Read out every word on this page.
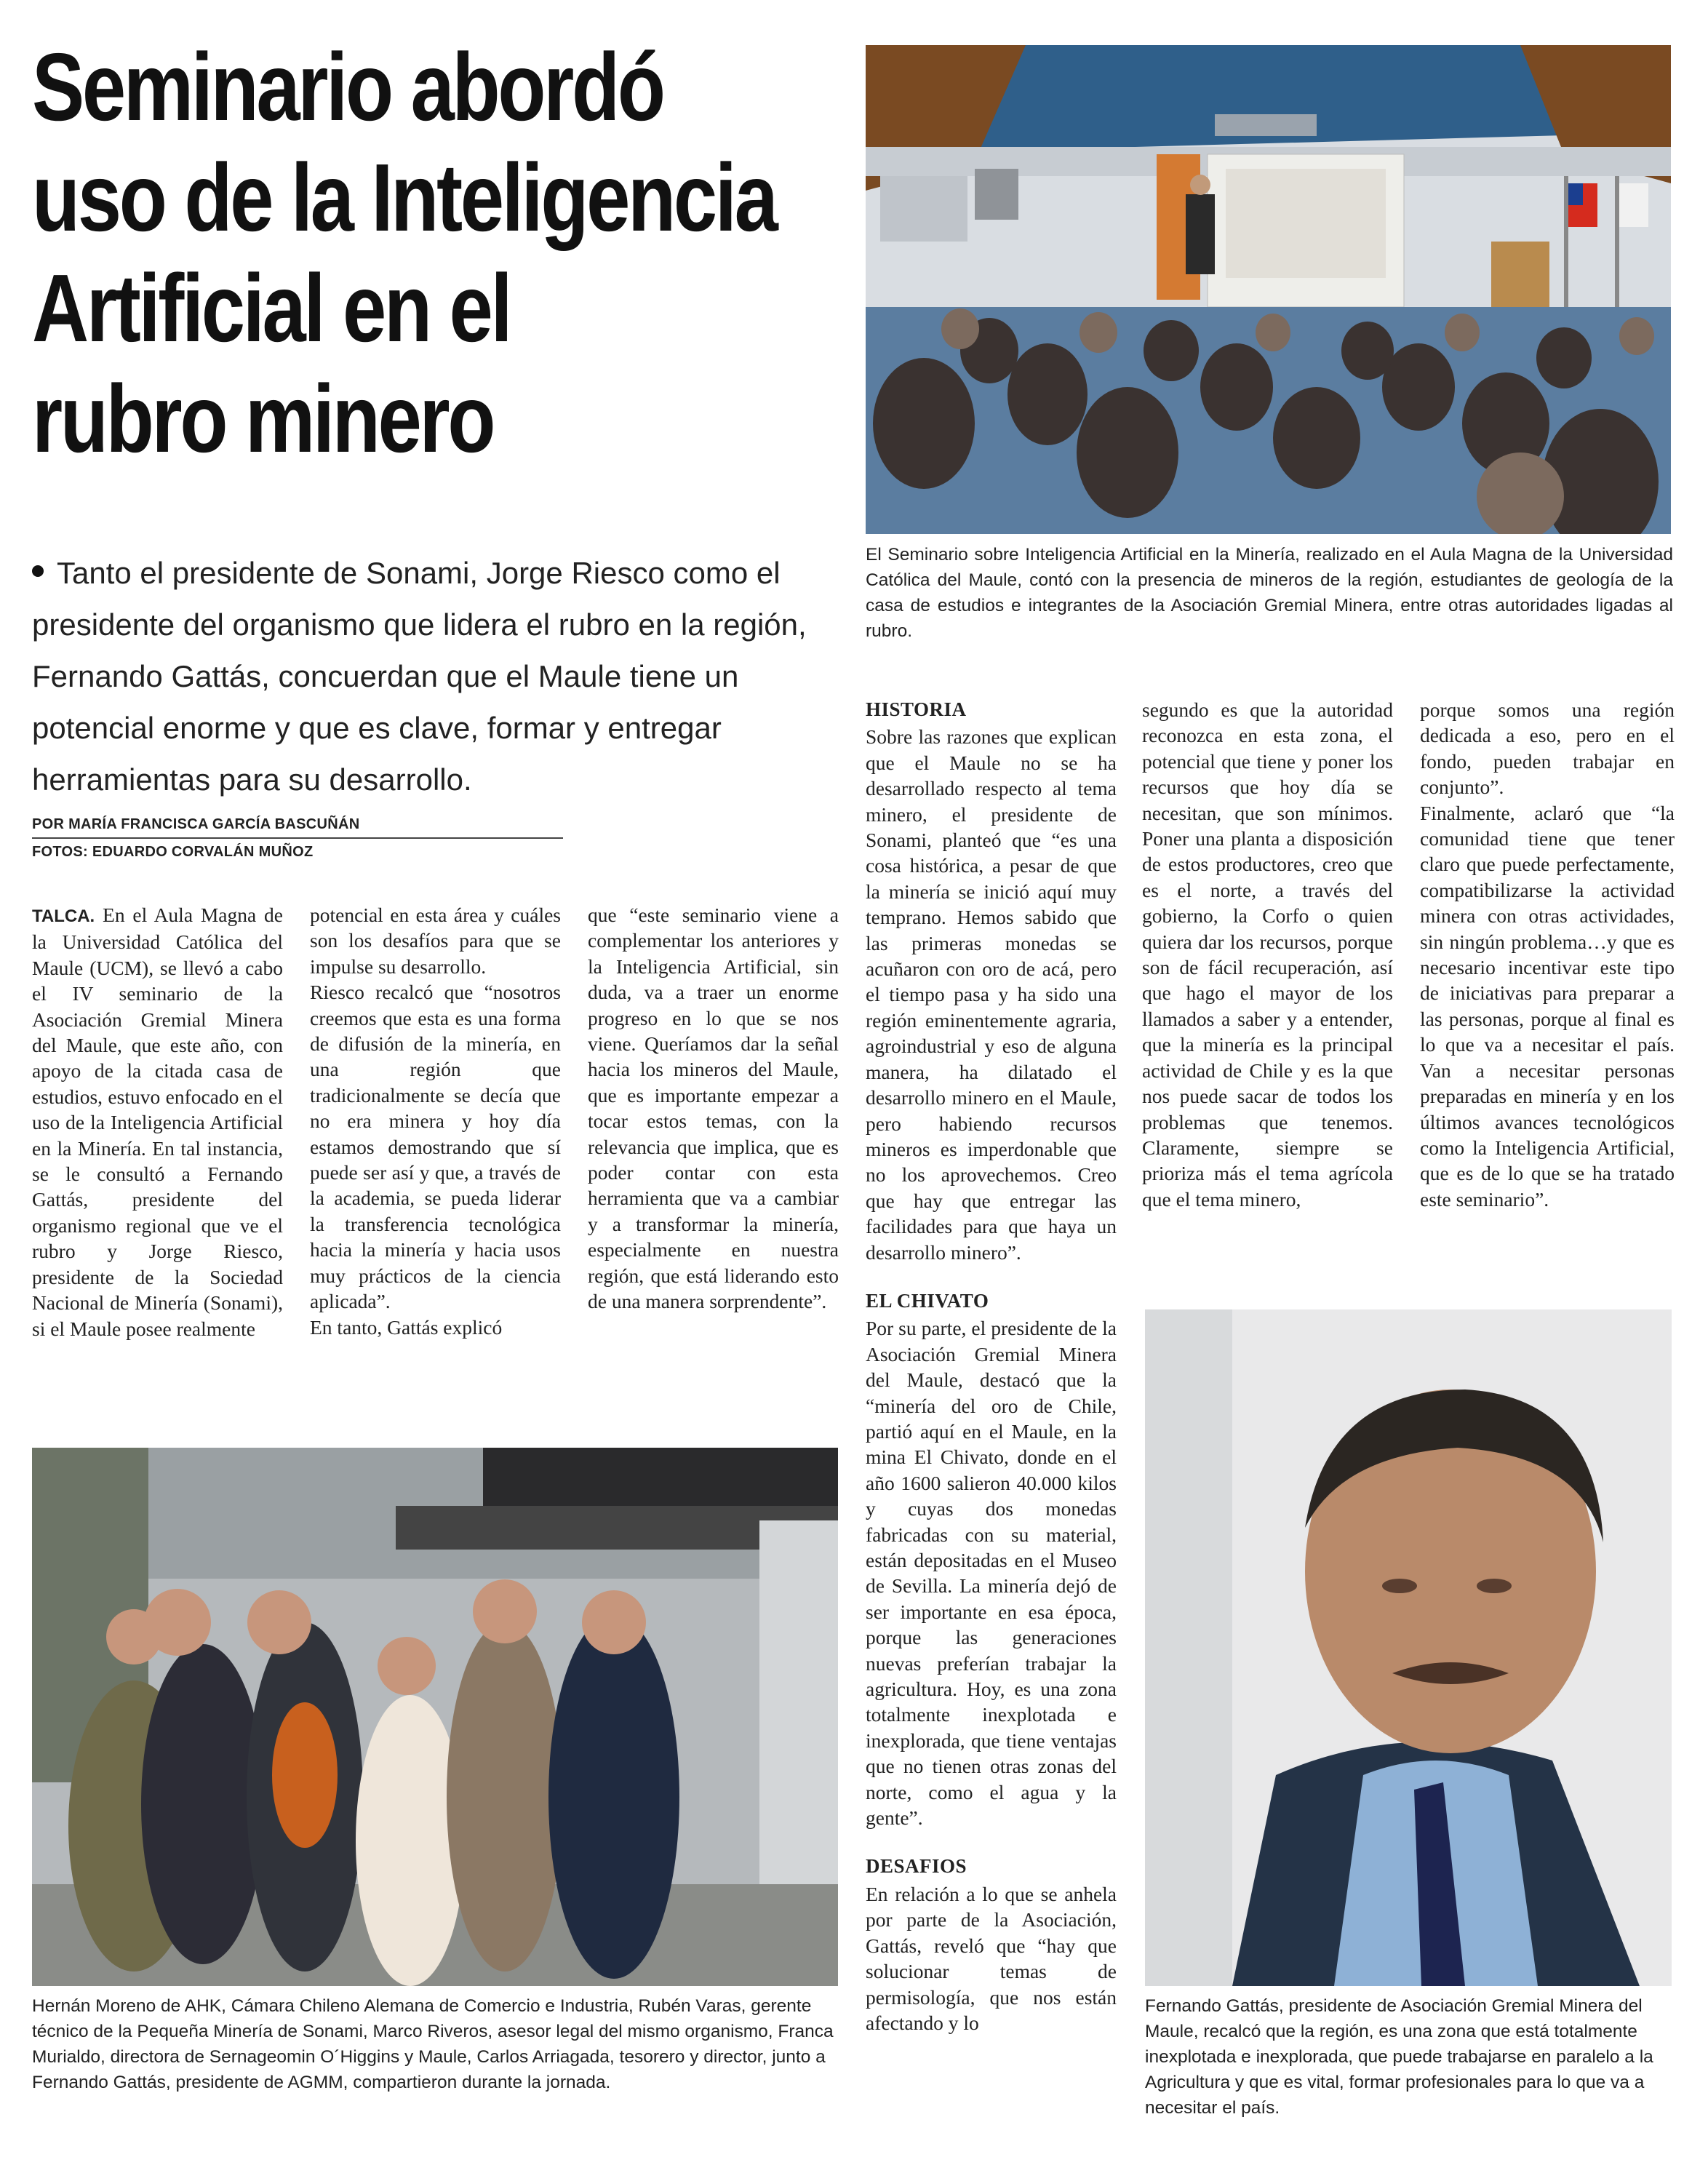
Seminario abordó
uso de la Inteligencia
Artificial en el
rubro minero
Tanto el presidente de Sonami, Jorge Riesco como el presidente del organismo que lidera el rubro en la región, Fernando Gattás, concuerdan que el Maule tiene un potencial enorme y que es clave, formar y entregar herramientas para su desarrollo.
POR MARÍA FRANCISCA GARCÍA BASCUÑÁN
FOTOS: EDUARDO CORVALÁN MUÑOZ

TALCA. En el Aula Magna de la Universidad Católica del Maule (UCM), se llevó a cabo el IV seminario de la Asociación Gremial Minera del Maule, que este año, con apoyo de la citada casa de estudios, estuvo enfocado en el uso de la Inteligencia Artificial en la Minería. En tal instancia, se le consultó a Fernando Gattás, presidente del organismo regional que ve el rubro y Jorge Riesco, presidente de la Sociedad Nacional de Minería (Sonami), si el Maule posee realmente

potencial en esta área y cuáles son los desafíos para que se impulse su desarrollo.

Riesco recalcó que “nosotros creemos que esta es una forma de difusión de la minería, en una región que tradicionalmente se decía que no era minera y hoy día estamos demostrando que sí puede ser así y que, a través de la academia, se pueda liderar la transferencia tecnológica hacia la minería y hacia usos muy prácticos de la ciencia aplicada”.

En tanto, Gattás explicó

que “este seminario viene a complementar los anteriores y la Inteligencia Artificial, sin duda, va a traer un enorme progreso en lo que se nos viene. Queríamos dar la señal hacia los mineros del Maule, que es importante empezar a tocar estos temas, con la relevancia que implica, que es poder contar con esta herramienta que va a cambiar y a transformar la minería, especialmente en nuestra región, que está liderando esto de una manera sorprendente”.

HISTORIA

Sobre las razones que explican que el Maule no se ha desarrollado respecto al tema minero, el presidente de Sonami, planteó que “es una cosa histórica, a pesar de que la minería se inició aquí muy temprano. Hemos sabido que las primeras monedas se acuñaron con oro de acá, pero el tiempo pasa y ha sido una región eminentemente agraria, agroindustrial y eso de alguna manera, ha dilatado el desarrollo minero en el Maule, pero habiendo recursos mineros es imperdonable que no los aprovechemos. Creo que hay que entregar las facilidades para que haya un desarrollo minero”.

EL CHIVATO

Por su parte, el presidente de la Asociación Gremial Minera del Maule, destacó que la “minería del oro de Chile, partió aquí en el Maule, en la mina El Chivato, donde en el año 1600 salieron 40.000 kilos y cuyas dos monedas fabricadas con su material, están depositadas en el Museo de Sevilla. La minería dejó de ser importante en esa época, porque las generaciones nuevas preferían trabajar la agricultura. Hoy, es una zona totalmente inexplotada e inexplorada, que tiene ventajas que no tienen otras zonas del norte, como el agua y la gente”.

DESAFIOS

En relación a lo que se anhela por parte de la Asociación, Gattás, reveló que “hay que solucionar temas de permisología, que nos están afectando y lo

segundo es que la autoridad reconozca en esta zona, el potencial que tiene y poner los recursos que hoy día se necesitan, que son mínimos. Poner una planta a disposición de estos productores, creo que es el norte, a través del gobierno, la Corfo o quien quiera dar los recursos, porque son de fácil recuperación, así que hago el mayor de los llamados a saber y a entender, que la minería es la principal actividad de Chile y es la que nos puede sacar de todos los problemas que tenemos. Claramente, siempre se prioriza más el tema agrícola que el tema minero,

porque somos una región dedicada a eso, pero en el fondo, pueden trabajar en conjunto”.

Finalmente, aclaró que “la comunidad tiene que tener claro que puede perfectamente, compatibilizarse la actividad minera con otras actividades, sin ningún problema…y que es necesario incentivar este tipo de iniciativas para preparar a las personas, porque al final es lo que va a necesitar el país. Van a necesitar personas preparadas en minería y en los últimos avances tecnológicos como la Inteligencia Artificial, que es de lo que se ha tratado este seminario”.

El Seminario sobre Inteligencia Artificial en la Minería, realizado en el Aula Magna de la Universidad Católica del Maule, contó con la presencia de mineros de la región, estudiantes de geología de la casa de estudios e integrantes de la Asociación Gremial Minera, entre otras autoridades ligadas al rubro.
Hernán Moreno de AHK, Cámara Chileno Alemana de Comercio e Industria, Rubén Varas, gerente técnico de la Pequeña Minería de Sonami, Marco Riveros, asesor legal del mismo organismo, Franca Murialdo, directora de Sernageomin O´Higgins y Maule, Carlos Arriagada, tesorero y director, junto a Fernando Gattás, presidente de AGMM, compartieron durante la jornada.
Fernando Gattás, presidente de Asociación Gremial Minera del Maule, recalcó que la región, es una zona que está totalmente inexplotada e inexplorada, que puede trabajarse en paralelo a la Agricultura y que es vital, formar profesionales para lo que va a necesitar el país.
